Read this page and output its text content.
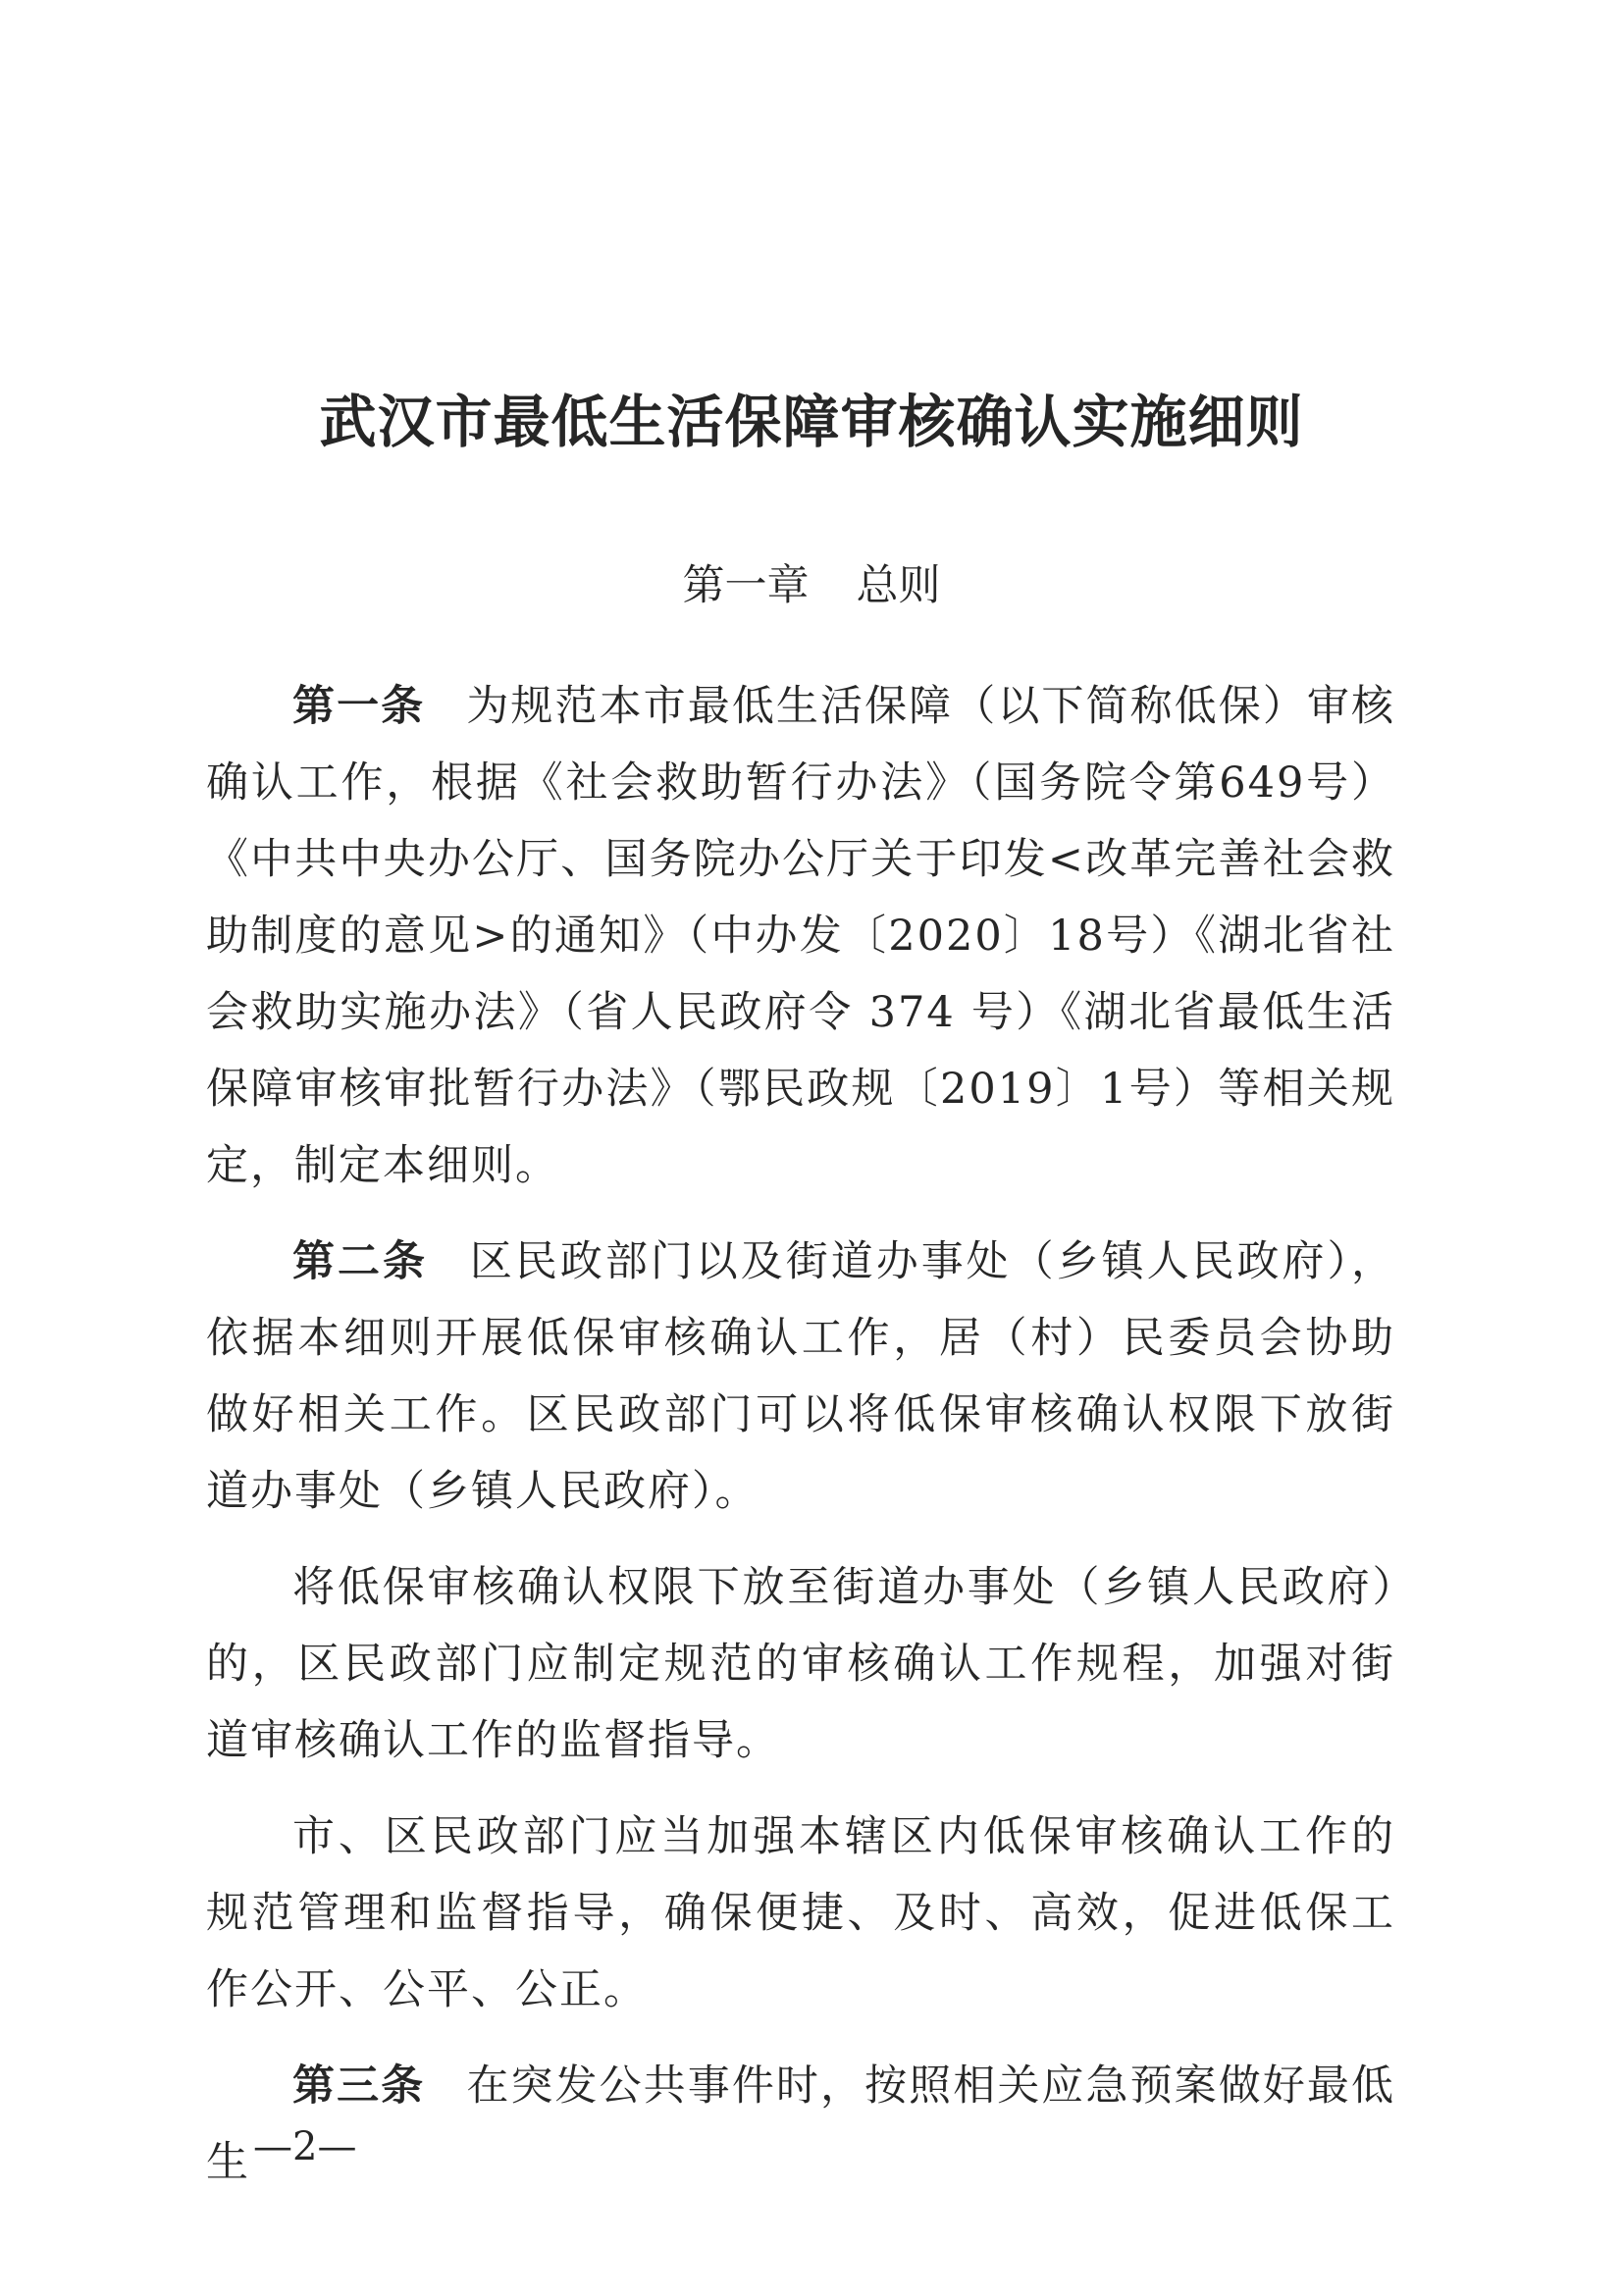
武汉市最低生活保障审核确认实施细则
第一章 总则

第一条 为规范本市最低生活保障（以下简称低保）审核确认工作，根据《社会救助暂行办法》（国务院令第649号）《中共中央办公厅、国务院办公厅关于印发<改革完善社会救助制度的意见>的通知》（中办发〔2020〕18号）《湖北省社会救助实施办法》（省人民政府令 374 号）《湖北省最低生活保障审核审批暂行办法》（鄂民政规〔2019〕1号）等相关规定，制定本细则。

第二条 区民政部门以及街道办事处（乡镇人民政府），依据本细则开展低保审核确认工作，居（村）民委员会协助做好相关工作。区民政部门可以将低保审核确认权限下放街道办事处（乡镇人民政府）。

将低保审核确认权限下放至街道办事处（乡镇人民政府）的，区民政部门应制定规范的审核确认工作规程，加强对街道审核确认工作的监督指导。

市、区民政部门应当加强本辖区内低保审核确认工作的规范管理和监督指导，确保便捷、及时、高效，促进低保工作公开、公平、公正。

第三条 在突发公共事件时，按照相关应急预案做好最低生 —2—
